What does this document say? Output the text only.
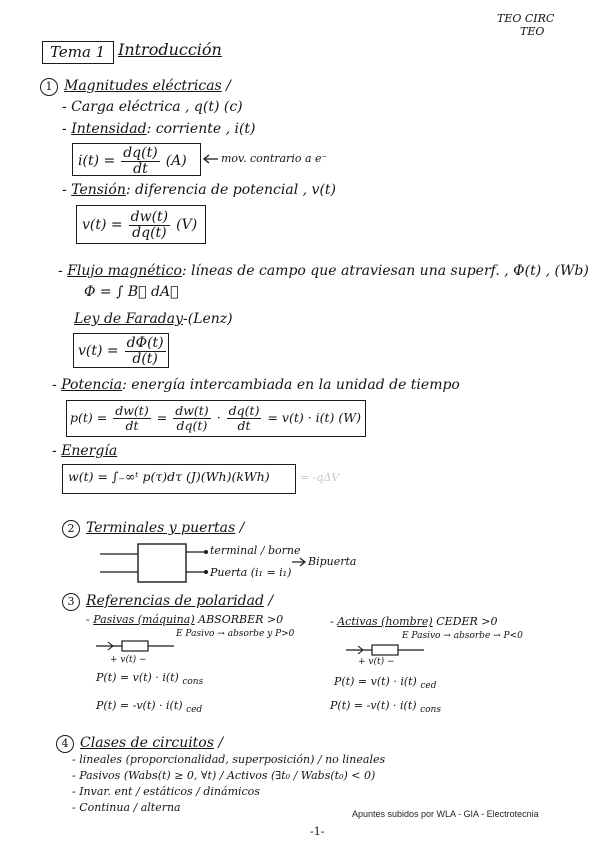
TEO CIRC
TEO
Tema 1 Introducción
1 Magnitudes eléctricas /
- Carga eléctrica , q(t) (c)
- Intensidad: corriente , i(t)
$i(t) = \frac{dq(t)}{dt} (A)$	mov. contrario a e⁻
- Tensión: diferencia de potencial , v(t)
$v(t) = \frac{dw(t)}{dq(t)} (V)$
- Flujo magnético: líneas de campo que atraviesan una superf. , Φ(t) , (Wb)
Φ = ∫ B⃗ dA⃗
Ley de Faraday-(Lenz)
$v(t) = \frac{d\Phi(t)}{d(t)}$
- Potencia: energía intercambiada en la unidad de tiempo
$p(t) = \frac{dw(t)}{dt} = \frac{dw(t)}{dq(t)} \cdot \frac{dq(t)}{dt} = v(t) \cdot i(t)$ (W)
- Energía
w(t) = ∫₋∞ᵗ p(τ)dτ (J)(Wh)(kWh)	= -qΔV
2 Terminales y puertas /
terminal / borne
Puerta (i₁ = i₁)
Bipuerta
3 Referencias de polaridad /
- Pasivas (máquina) ABSORBER >0
E Pasivo → absorbe y P>0
+ v(t) −
P(t) = v(t) · i(t) $_{cons}$
P(t) = -v(t) · i(t) $_{ced}$
- Activas (hombre) CEDER >0
E Pasivo → absorbe → P<0
+ v(t) −
P(t) = v(t) · i(t) $_{ced}$
P(t) = -v(t) · i(t) $_{cons}$
4 Clases de circuitos /
- lineales (proporcionalidad, superposición) / no lineales
- Pasivos (Wabs(t) ≥ 0, ∀t) / Activos (∃t₀ / Wabs(t₀) < 0)
- Invar. ent / estáticos / dinámicos
- Continua / alterna	Apuntes subidos por WLA - GIA - Electrotecnia
-1-
